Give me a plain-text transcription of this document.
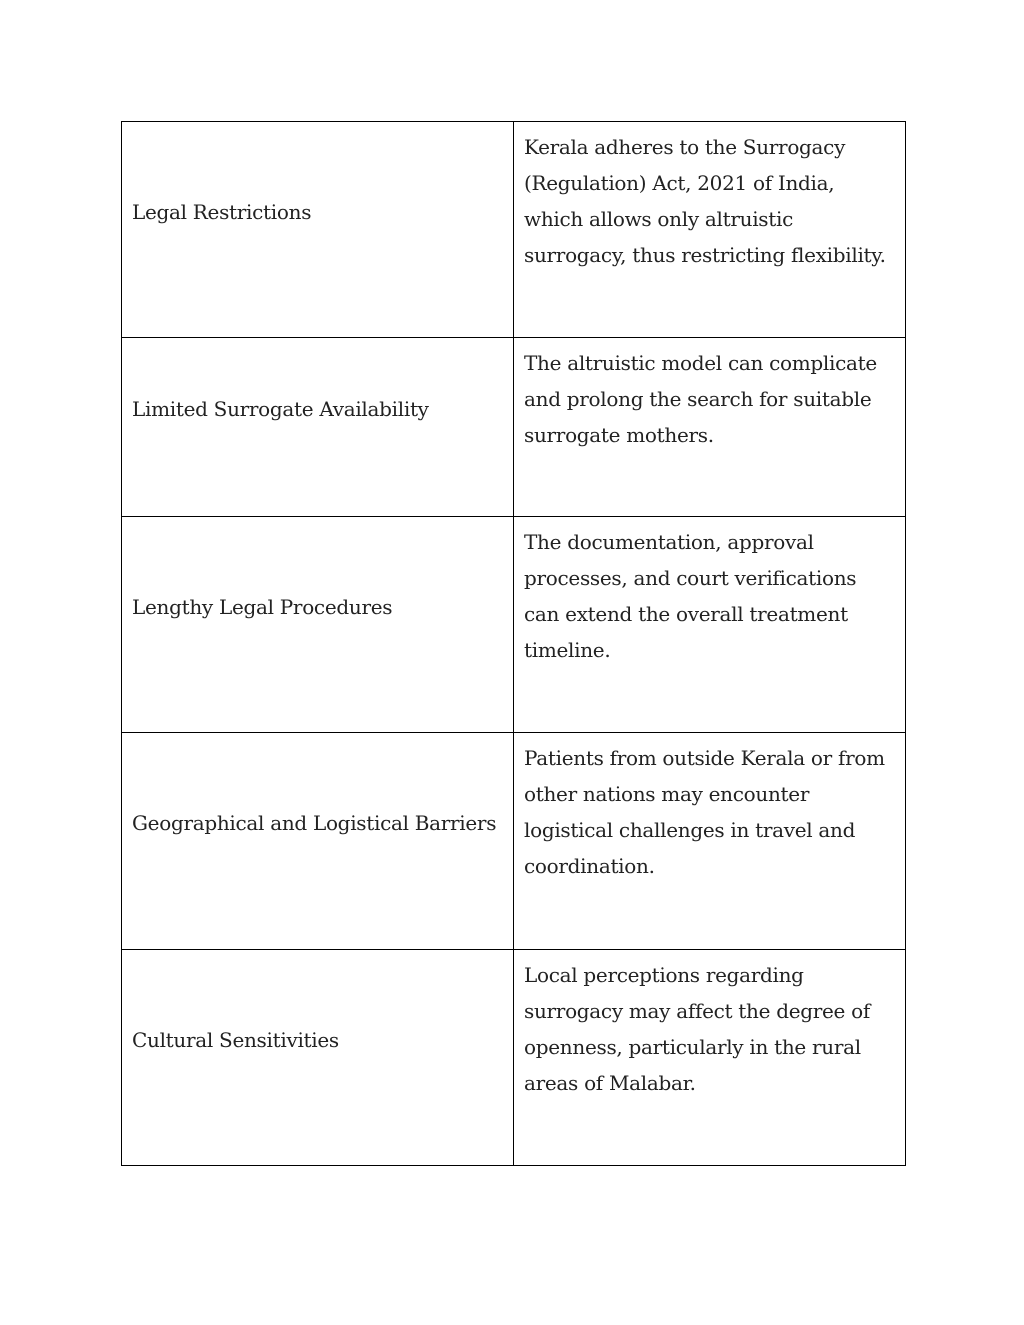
Legal Restrictions	Kerala adheres to the Surrogacy (Regulation) Act, 2021 of India, which allows only altruistic surrogacy, thus restricting flexibility.

Limited Surrogate Availability	The altruistic model can complicate and prolong the search for suitable surrogate mothers.

Lengthy Legal Procedures	The documentation, approval processes, and court verifications can extend the overall treatment timeline.

Geographical and Logistical Barriers	Patients from outside Kerala or from other nations may encounter logistical challenges in travel and coordination.

Cultural Sensitivities	Local perceptions regarding surrogacy may affect the degree of openness, particularly in the rural areas of Malabar.
